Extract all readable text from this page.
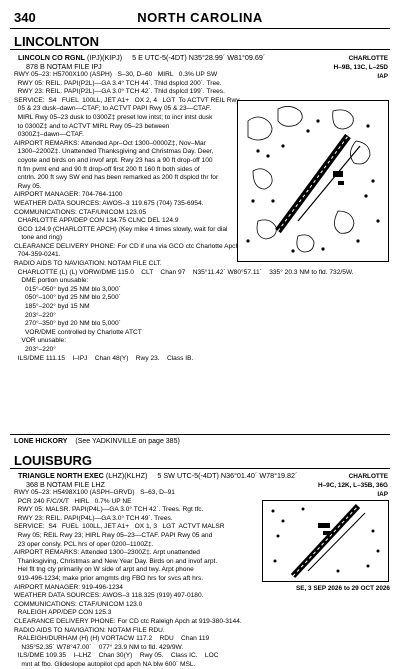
340	NORTH CAROLINA
LINCOLNTON
LINCOLN CO RGNL (IPJ)(KIPJ) 5 E UTC-5(-4DT) N35°28.99´ W81°09.69´
878 B NOTAM FILE IPJ
CHARLOTTE
H–9B, 13C, L–25D
IAP
RWY 05–23: H5700X100 (ASPH)   S–30, D–60   MIRL   0.3% UP SW
RWY 05: REIL. PAPI(P2L)—GA 3.4° TCH 44´. Thld dsplcd 200´. Tree.
RWY 23: REIL. PAPI(P2L)—GA 3.0° TCH 42´. Thld dsplcd 199´. Trees.
SERVICE:  S4   FUEL  100LL, JET A1+   OX 2, 4   LGT  To ACTVT REIL Rwy
05 & 23 dusk–dawn—CTAF; to ACTVT PAPI Rwy 05 & 23—CTAF.
MIRL Rwy 05–23 dusk to 0300Z‡ preset low intst; to incr intst dusk
to 0300Z‡ and to ACTVT MIRL Rwy 05–23 between
0300Z‡–dawn—CTAF.
AIRPORT REMARKS: Attended Apr–Oct 1300–0000Z‡, Nov–Mar
1300–2200Z‡. Unattended Thanksgiving and Christmas Day. Deer,
coyote and birds on and invof arpt. Rwy 23 has a 90 ft drop-off 100
ft fm pvmt end and 90 ft drop-off first 200 ft 160 ft both sides of
cntrln. 200 ft swy SW end has been remarked as 200 ft dsplcd thr for
Rwy 05.
AIRPORT MANAGER: 704-764-1100
WEATHER DATA SOURCES: AWOS–3 119.675 (704) 735-6954.
COMMUNICATIONS: CTAF/UNICOM 123.05
CHARLOTTE APP/DEP CON 134.75 CLNC DEL 124.9
GCO 124.9 (CHARLOTTE APCH) (Key mike 4 times slowly, wait for dial
tone and ring)
CLEARANCE DELIVERY PHONE: For CD if una via GCO ctc Charlotte Apch at
704-359-0241.
RADIO AIDS TO NAVIGATION: NOTAM FILE CLT.
CHARLOTTE (L) (L) VORW/DME 115.0    CLT    Chan 97    N35°11.42´ W80°57.11´    335° 20.3 NM to fld. 732/5W.
DME portion unusable:
015°–050° byd 25 NM blo 3,000´
050°–100° byd 25 NM blo 2,500´
185°–202° byd 15 NM
203°–220°
270°–350° byd 20 NM blo 5,000´
VOR/DME controlled by Charlotte ATCT
VOR unusable:
203°–220°
ILS/DME 111.15    I–IPJ    Chan 48(Y)    Rwy 23.    Class IB.
LONE HICKORY (See YADKINVILLE on page 385)
LOUISBURG
TRIANGLE NORTH EXEC (LHZ)(KLHZ) 5 SW UTC-5(-4DT) N36°01.40´ W78°19.82´
368 B NOTAM FILE LHZ
CHARLOTTE
H–9C, 12K, L–35B, 36G
IAP
RWY 05–23: H5498X100 (ASPH–GRVD)   S–63, D–91
PCR 240 F/C/X/T   HIRL   0.7% UP NE
RWY 05: MALSR. PAPI(P4L)—GA 3.0° TCH 42´. Trees. Rgt tfc.
RWY 23: REIL. PAPI(P4L)—GA 3.0° TCH 49´. Trees.
SERVICE:  S4   FUEL  100LL, JET A1+   OX 1, 3   LGT  ACTVT MALSR
Rwy 05; REIL Rwy 23; HIRL Rwy 05–23—CTAF. PAPI Rwy 05 and
23 oper consly. PCL hrs of oper 0200–1100Z‡.
AIRPORT REMARKS: Attended 1300–2300Z‡. Arpt unattended
Thanksgiving, Christmas and New Year Day. Birds on and invof arpt.
Hel flt tng cty primarily on W side of arpt and twy. Arpt phone
919-496-1234; make prior amgmts drg FBO hrs for svcs aft hrs.
AIRPORT MANAGER: 919-496-1234
WEATHER DATA SOURCES: AWOS–3 118.325 (919) 497-0180.
COMMUNICATIONS: CTAF/UNICOM 123.0
RALEIGH APP/DEP CON 125.3
CLEARANCE DELIVERY PHONE: For CD ctc Raleigh Apch at 919-380-3144.
RADIO AIDS TO NAVIGATION: NOTAM FILE RDU.
RALEIGH/DURHAM (H) (H) VORTACW 117.2    RDU    Chan 119
N35°52.35´ W78°47.00´    077° 23.9 NM to fld. 429/9W.
ILS/DME 109.35    I–LHZ    Chan 30(Y)    Rwy 05.    Class IC.    LOC
mnt at fbo. Glideslope autopilot cpd apch NA blw 600´ MSL.
SE, 3 SEP 2026 to 29 OCT 2026
